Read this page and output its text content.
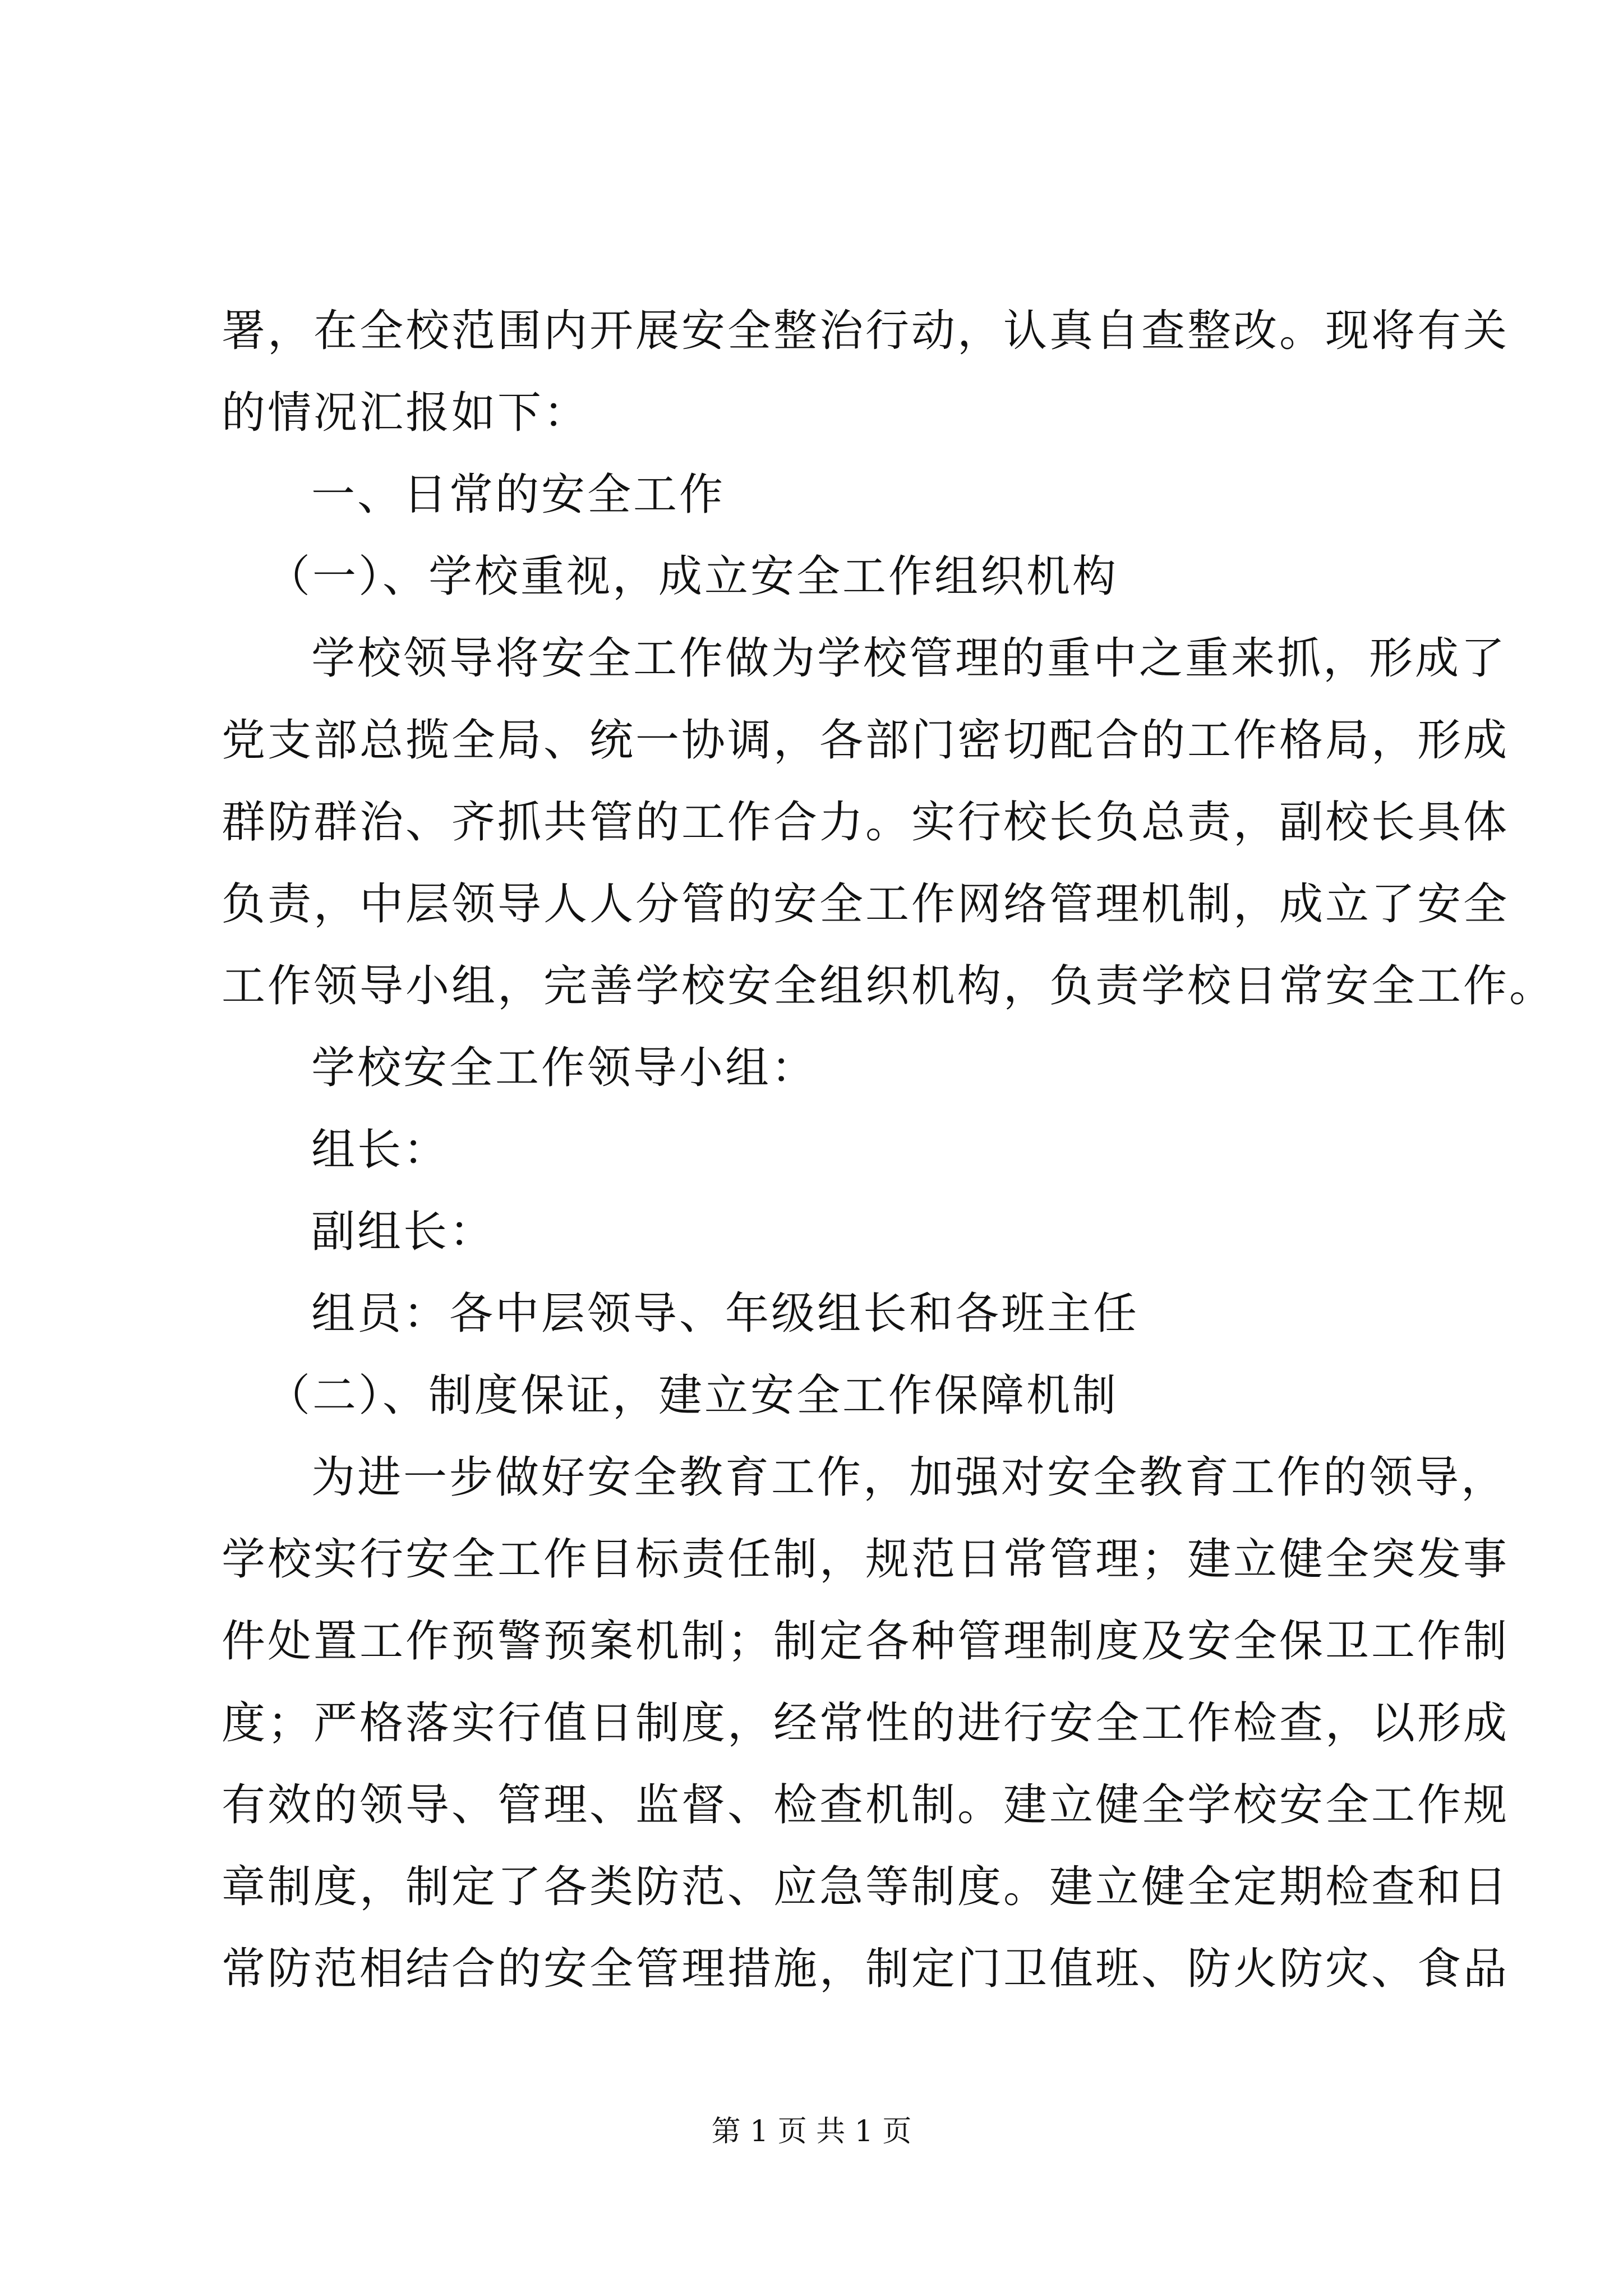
署，在全校范围内开展安全整治行动，认真自查整改。现将有关
的情况汇报如下：
一、日常的安全工作
（一）、学校重视，成立安全工作组织机构
学校领导将安全工作做为学校管理的重中之重来抓，形成了
党支部总揽全局、统一协调，各部门密切配合的工作格局，形成
群防群治、齐抓共管的工作合力。实行校长负总责，副校长具体
负责，中层领导人人分管的安全工作网络管理机制，成立了安全
工作领导小组，完善学校安全组织机构，负责学校日常安全工作。
学校安全工作领导小组：
组长：
副组长：
组员：各中层领导、年级组长和各班主任
（二）、制度保证，建立安全工作保障机制
为进一步做好安全教育工作，加强对安全教育工作的领导，
学校实行安全工作目标责任制，规范日常管理；建立健全突发事
件处置工作预警预案机制；制定各种管理制度及安全保卫工作制
度；严格落实行值日制度，经常性的进行安全工作检查，以形成
有效的领导、管理、监督、检查机制。建立健全学校安全工作规
章制度，制定了各类防范、应急等制度。建立健全定期检查和日
常防范相结合的安全管理措施，制定门卫值班、防火防灾、食品
第 1 页 共 1 页
